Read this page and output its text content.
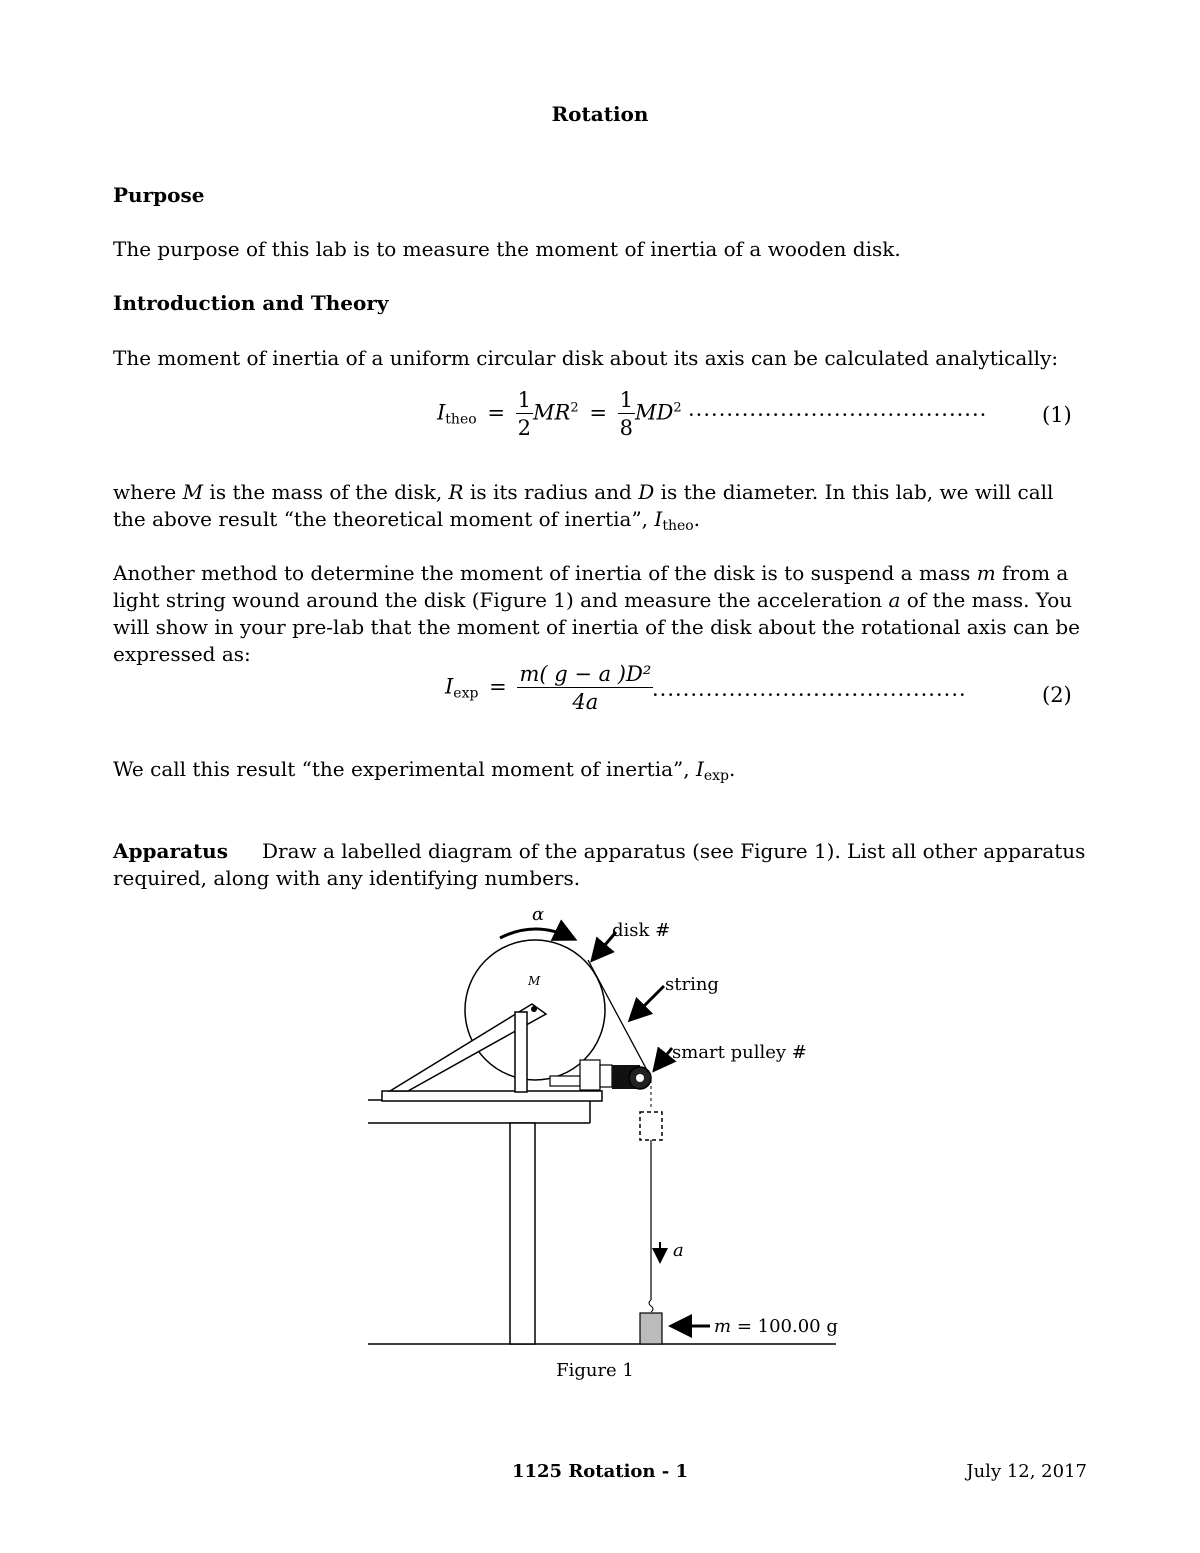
Rotation
Purpose

The purpose of this lab is to measure the moment of inertia of a wooden disk.

Introduction and Theory

The moment of inertia of a uniform circular disk about its axis can be calculated analytically:

$I_{theo} = \frac{1}{2} MR^2 = \frac{1}{8} MD^2$ ·······································	(1)

where M is the mass of the disk, R is its radius and D is the diameter. In this lab, we will call the above result “the theoretical moment of inertia”, $I_{theo}$.

Another method to determine the moment of inertia of the disk is to suspend a mass m from a light string wound around the disk (Figure 1) and measure the acceleration a of the mass. You will show in your pre-lab that the moment of inertia of the disk about the rotational axis can be expressed as:

$I_{exp} = \frac{\text{m( g − a )D²}}{4a}$
·········································	(2)

We call this result “the experimental moment of inertia”, $I_{exp}$.

Apparatus Draw a labelled diagram of the apparatus (see Figure 1). List all other apparatus required, along with any identifying numbers.

α
disk #
M	string
smart pulley #
a
m = 100.00 g
Figure 1
1125 Rotation - 1	July 12, 2017
